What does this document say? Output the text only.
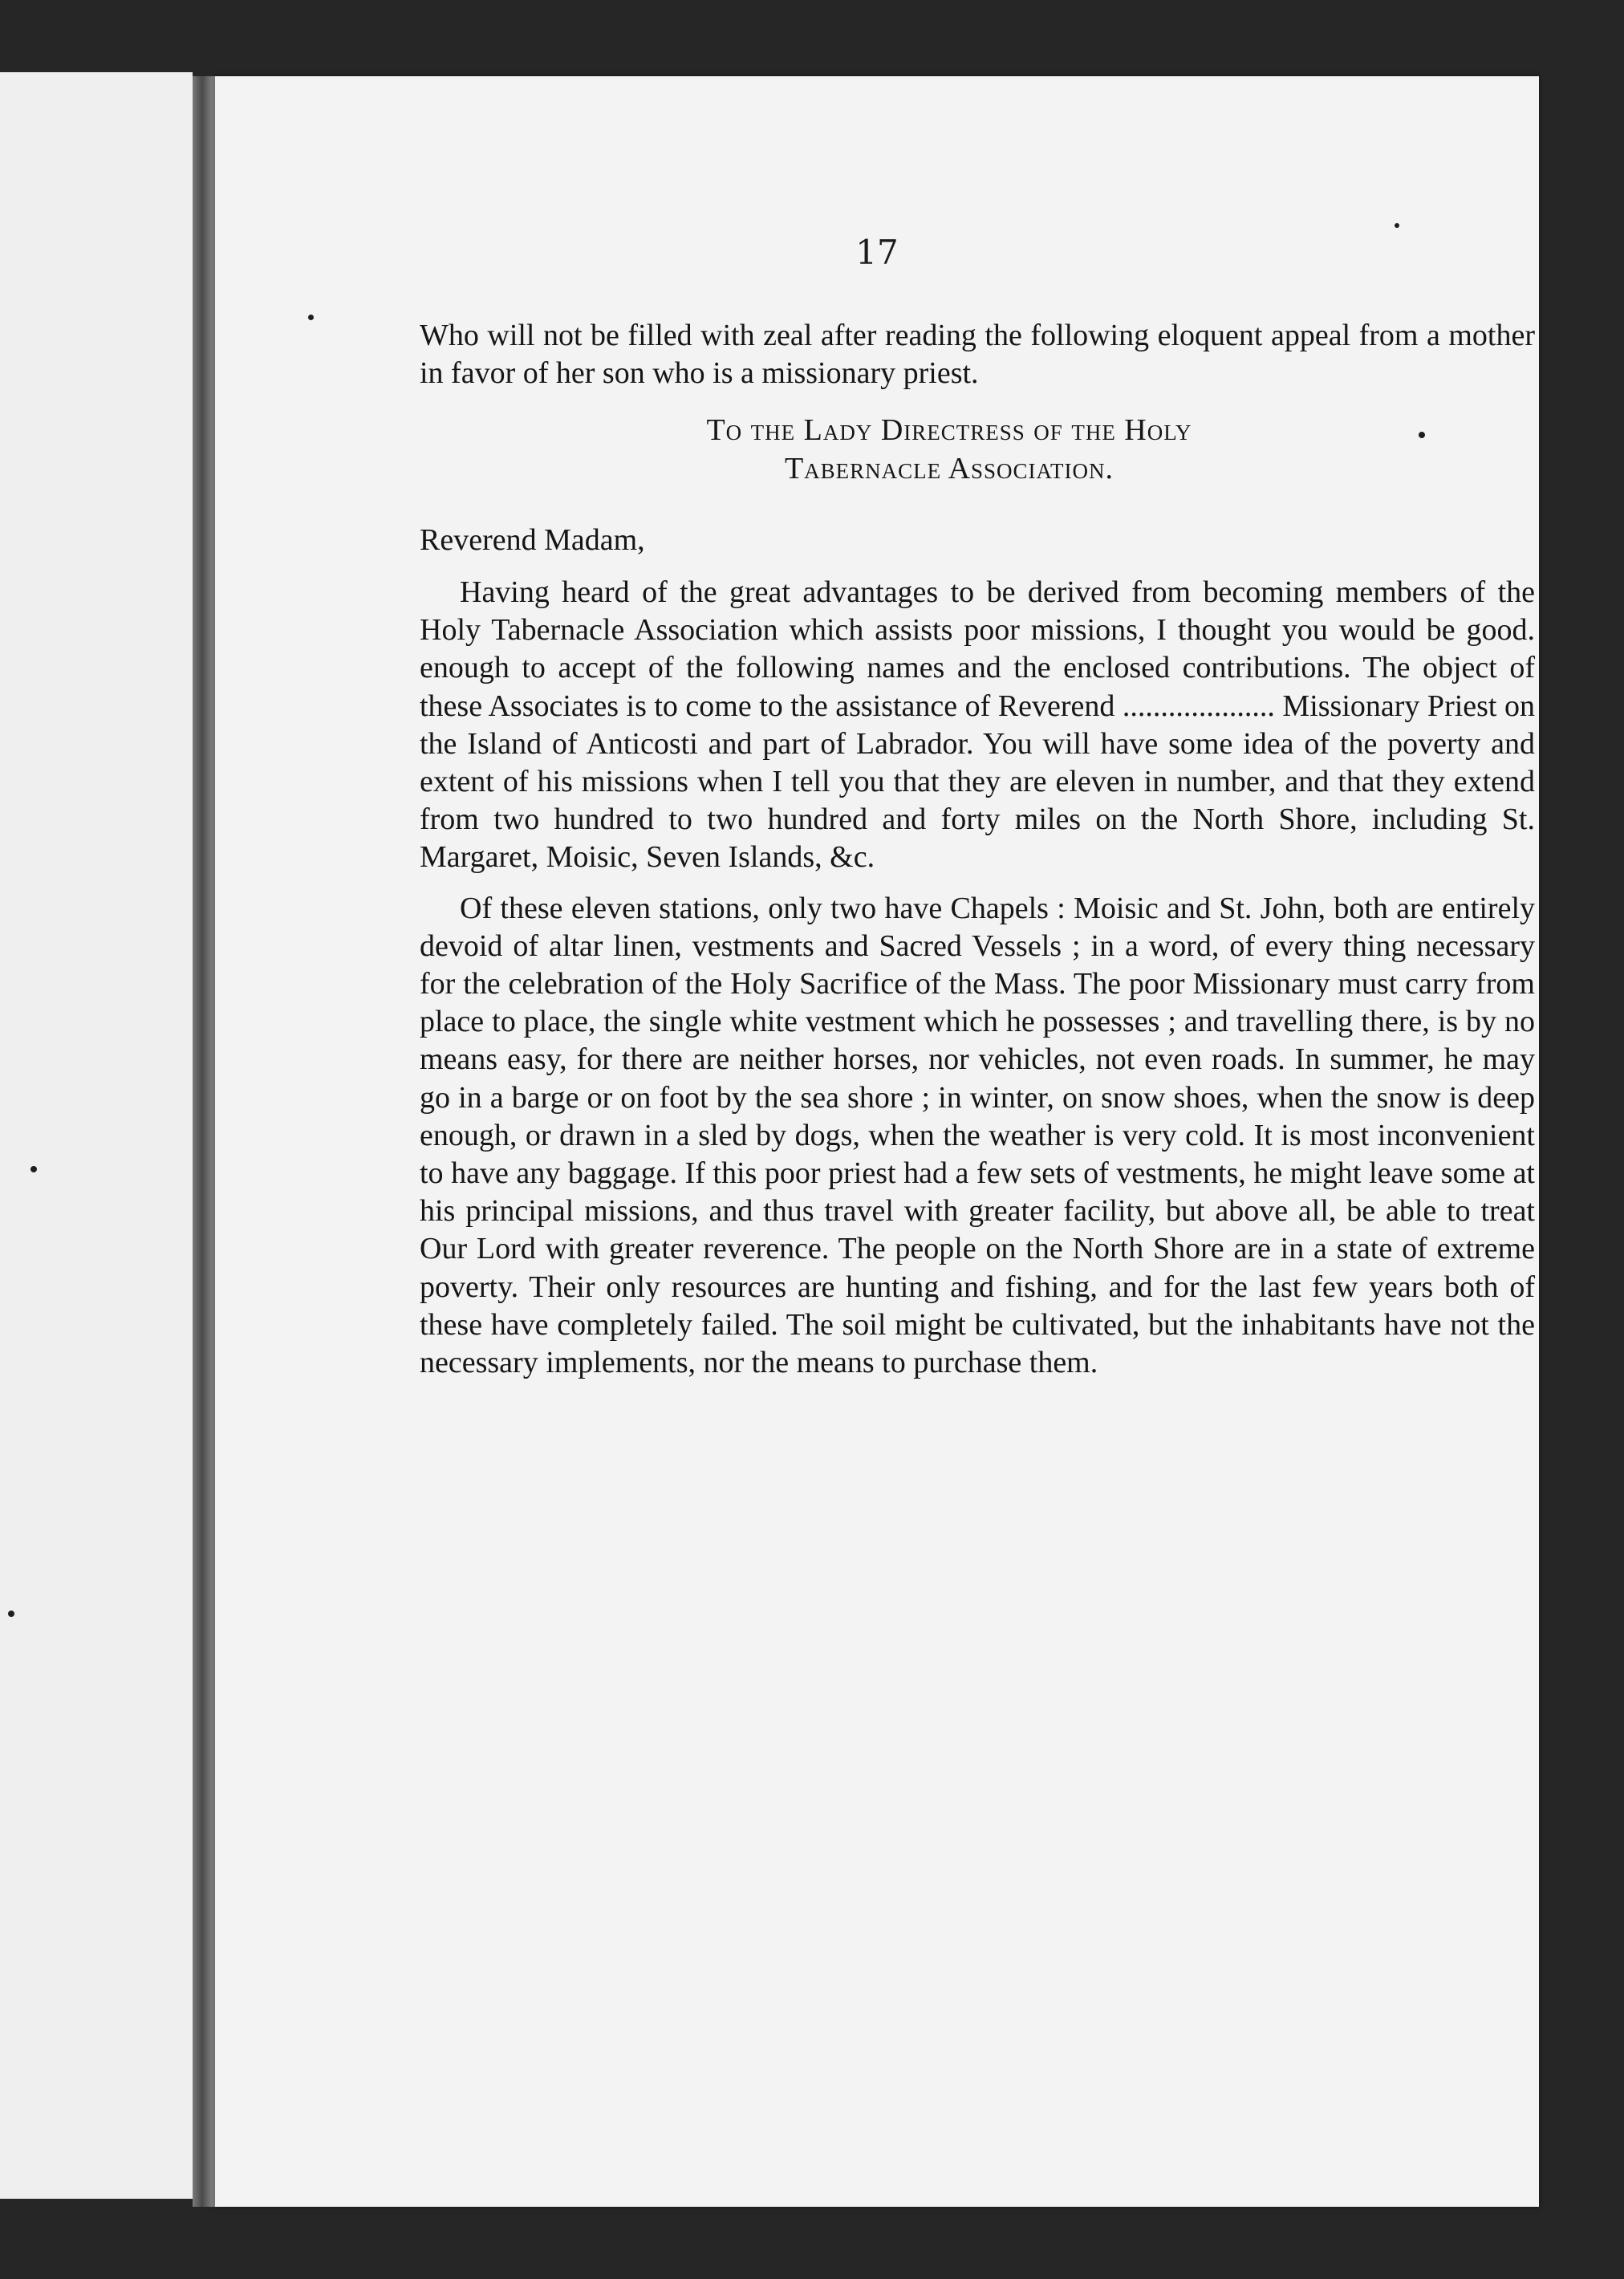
17

Who will not be filled with zeal after reading the following eloquent appeal from a mother in favor of her son who is a missionary priest.

To the Lady Directress of the Holy
Tabernacle Association.

Reverend Madam,

Having heard of the great advantages to be derived from becoming members of the Holy Tabernacle Association which assists poor missions, I thought you would be good. enough to accept of the following names and the enclosed contributions. The object of these Associates is to come to the assistance of Reverend .................... Missionary Priest on the Island of Anticosti and part of Labrador. You will have some idea of the poverty and extent of his missions when I tell you that they are eleven in number, and that they extend from two hundred to two hundred and forty miles on the North Shore, including St. Margaret, Moisic, Seven Islands, &c.

Of these eleven stations, only two have Chapels : Moisic and St. John, both are entirely devoid of altar linen, vestments and Sacred Vessels ; in a word, of every thing necessary for the celebration of the Holy Sacrifice of the Mass. The poor Missionary must carry from place to place, the single white vestment which he possesses ; and travelling there, is by no means easy, for there are neither horses, nor vehicles, not even roads. In summer, he may go in a barge or on foot by the sea shore ; in winter, on snow shoes, when the snow is deep enough, or drawn in a sled by dogs, when the weather is very cold. It is most inconvenient to have any baggage. If this poor priest had a few sets of vestments, he might leave some at his principal missions, and thus travel with greater facility, but above all, be able to treat Our Lord with greater reverence. The people on the North Shore are in a state of extreme poverty. Their only resources are hunting and fishing, and for the last few years both of these have completely failed. The soil might be cultivated, but the inhabitants have not the necessary implements, nor the means to purchase them.
